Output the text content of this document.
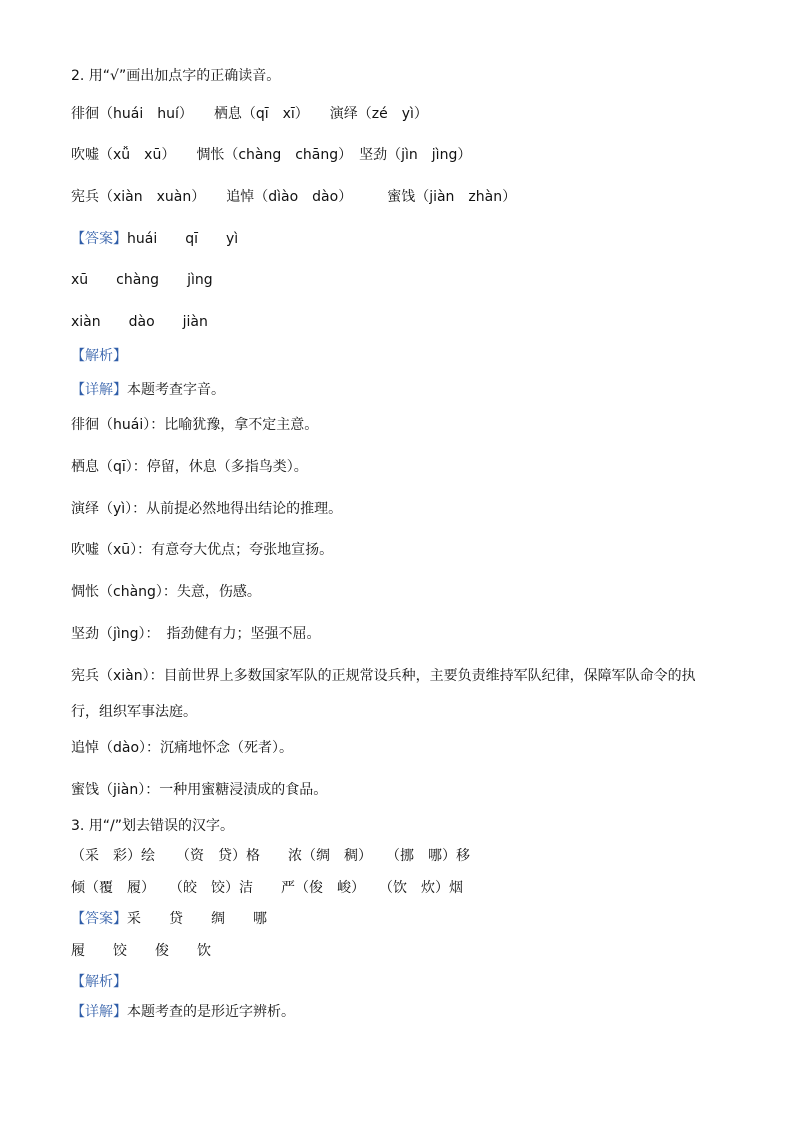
2. 用“√”画出加点字的正确读音。
徘徊（huái　huí）　　栖息（qī　xī）　　演绎（zé　yì）
吹嘘（xǚ　xū）　　惆怅（chàng　chāng）　坚劲（jìn　jìng）
宪兵（xiàn　xuàn）　　追悼（dìào　dào）　　　蜜饯（jiàn　zhàn）
【答案】huái　　qī　　yì
xū　　chàng　　jìng
xiàn　　dào　　jiàn
【解析】
【详解】本题考查字音。
徘徊（huái）：比喻犹豫，拿不定主意。
栖息（qī）：停留，休息（多指鸟类）。
演绎（yì）：从前提必然地得出结论的推理。
吹嘘（xū）：有意夸大优点；夸张地宣扬。
惆怅（chàng）：失意，伤感。
坚劲（jìng）：　指劲健有力；坚强不屈。
宪兵（xiàn）：目前世界上多数国家军队的正规常设兵种，主要负责维持军队纪律，保障军队命令的执
行，组织军事法庭。
追悼（dào）：沉痛地怀念（死者）。
蜜饯（jiàn）：一种用蜜糖浸渍成的食品。
3. 用“/”划去错误的汉字。
（采　彩）绘　　（资　贷）格　　浓（绸　稠）　　（挪　哪）移
倾（覆　履）　　（皎　饺）洁　　严（俊　峻）　　（饮　炊）烟
【答案】采　　贷　　绸　　哪
履　　饺　　俊　　饮
【解析】
【详解】本题考查的是形近字辨析。
